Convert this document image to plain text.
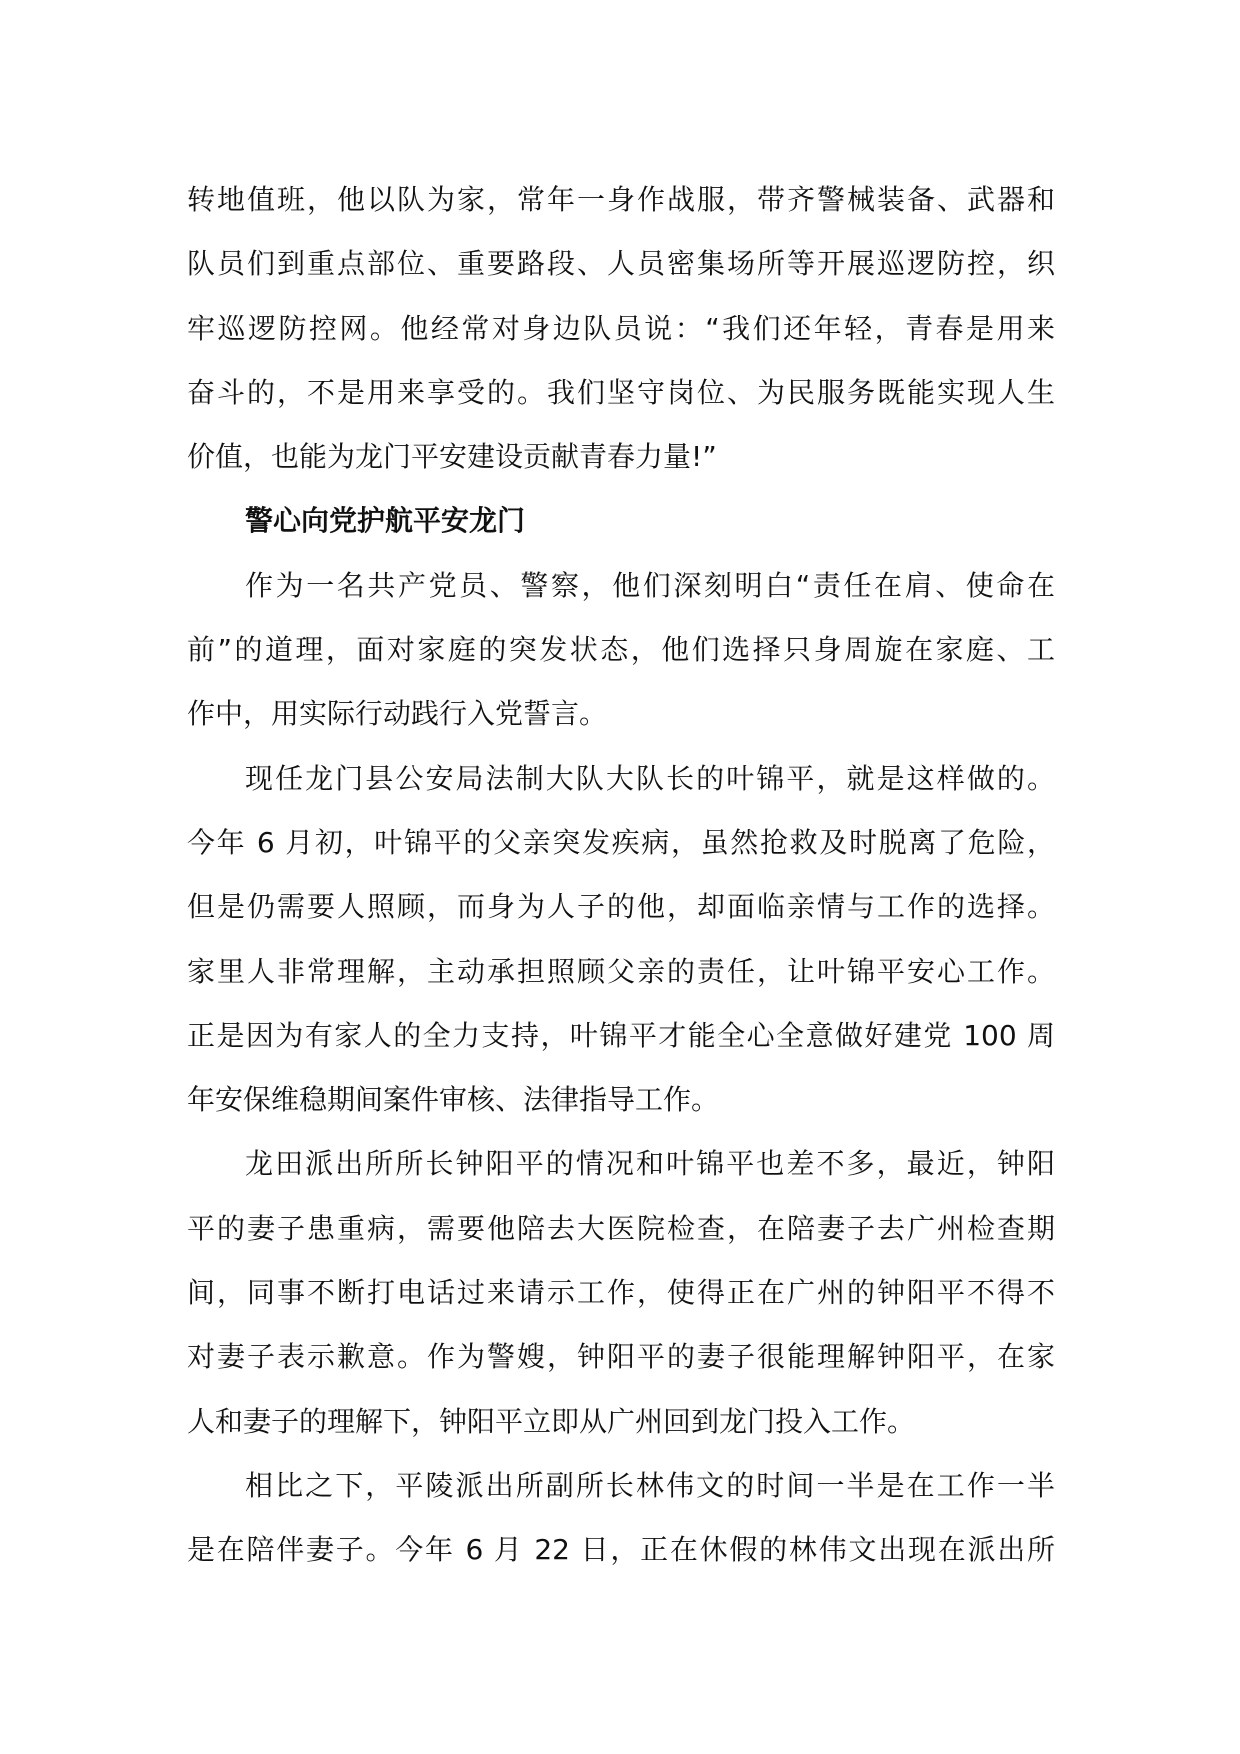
转地值班，他以队为家，常年一身作战服，带齐警械装备、武器和
队员们到重点部位、重要路段、人员密集场所等开展巡逻防控，织
牢巡逻防控网。他经常对身边队员说：“我们还年轻，青春是用来
奋斗的，不是用来享受的。我们坚守岗位、为民服务既能实现人生
价值，也能为龙门平安建设贡献青春力量!”
警心向党护航平安龙门
作为一名共产党员、警察，他们深刻明白“责任在肩、使命在
前”的道理，面对家庭的突发状态，他们选择只身周旋在家庭、工
作中，用实际行动践行入党誓言。
现任龙门县公安局法制大队大队长的叶锦平，就是这样做的。
今年 6 月初，叶锦平的父亲突发疾病，虽然抢救及时脱离了危险，
但是仍需要人照顾，而身为人子的他，却面临亲情与工作的选择。
家里人非常理解，主动承担照顾父亲的责任，让叶锦平安心工作。
正是因为有家人的全力支持，叶锦平才能全心全意做好建党 100 周
年安保维稳期间案件审核、法律指导工作。
龙田派出所所长钟阳平的情况和叶锦平也差不多，最近，钟阳
平的妻子患重病，需要他陪去大医院检查，在陪妻子去广州检查期
间，同事不断打电话过来请示工作，使得正在广州的钟阳平不得不
对妻子表示歉意。作为警嫂，钟阳平的妻子很能理解钟阳平，在家
人和妻子的理解下，钟阳平立即从广州回到龙门投入工作。
相比之下，平陵派出所副所长林伟文的时间一半是在工作一半
是在陪伴妻子。今年 6 月 22 日，正在休假的林伟文出现在派出所
